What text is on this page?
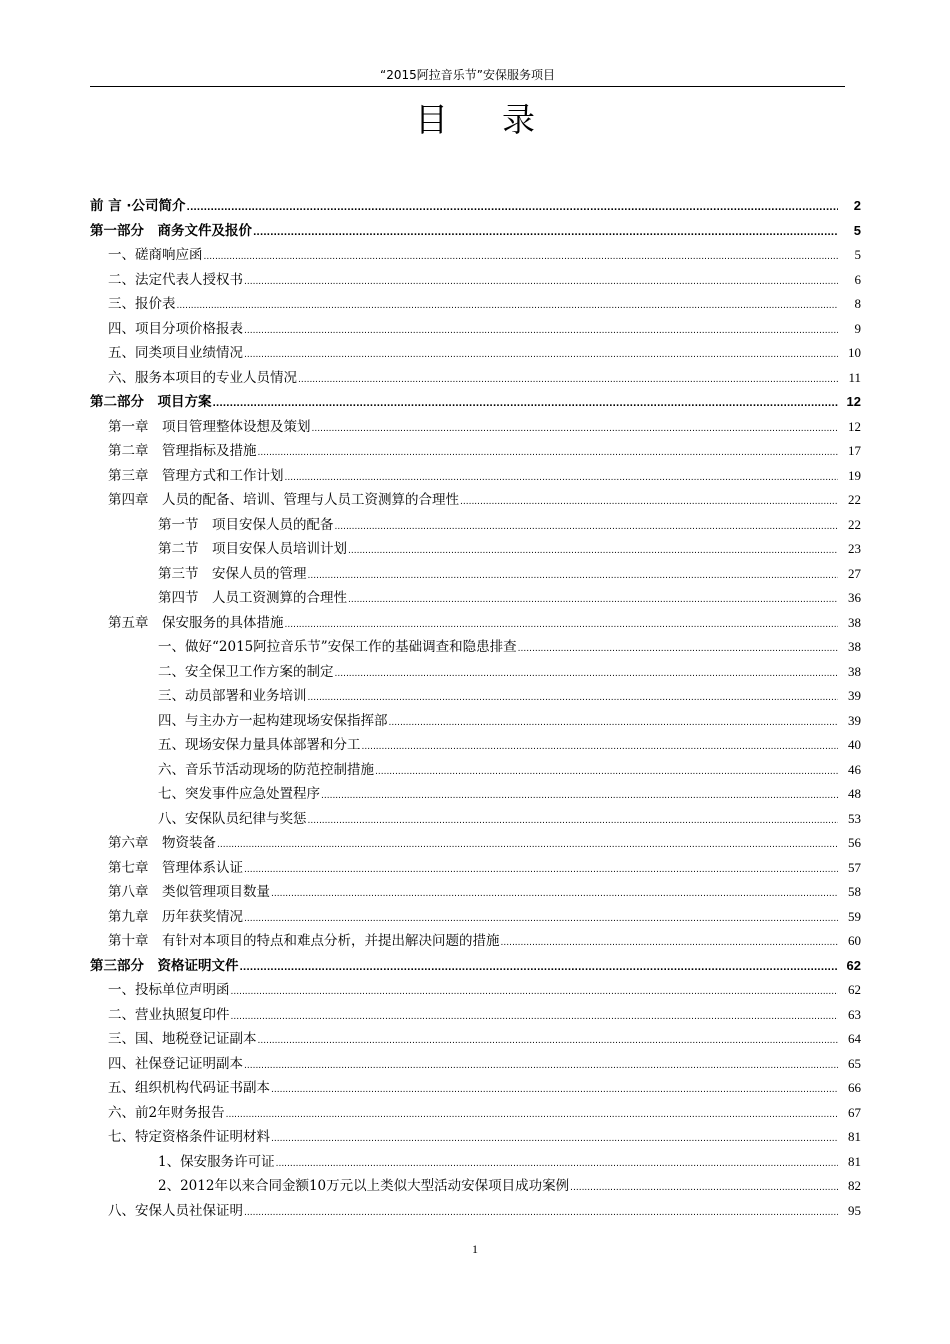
“2015阿拉音乐节”安保服务项目
目录
前 言 ·公司简介 .....	2
第一部分　商务文件及报价 .....	5
一、磋商响应函 .....	5
二、法定代表人授权书 .....	6
三、报价表 .....	8
四、项目分项价格报表 .....	9
五、同类项目业绩情况 .....	10
六、服务本项目的专业人员情况 .....	11
第二部分　项目方案 .....	12
第一章　项目管理整体设想及策划 .....	12
第二章　管理指标及措施 .....	17
第三章　管理方式和工作计划 .....	19
第四章　人员的配备、培训、管理与人员工资测算的合理性 .....	22
第一节　项目安保人员的配备 .....	22
第二节　项目安保人员培训计划 .....	23
第三节　安保人员的管理 .....	27
第四节　人员工资测算的合理性 .....	36
第五章　保安服务的具体措施 .....	38
一、做好“2015阿拉音乐节”安保工作的基础调查和隐患排查 .....	38
二、安全保卫工作方案的制定 .....	38
三、动员部署和业务培训 .....	39
四、与主办方一起构建现场安保指挥部 .....	39
五、现场安保力量具体部署和分工 .....	40
六、音乐节活动现场的防范控制措施 .....	46
七、突发事件应急处置程序 .....	48
八、安保队员纪律与奖惩 .....	53
第六章　物资装备 .....	56
第七章　管理体系认证 .....	57
第八章　类似管理项目数量 .....	58
第九章　历年获奖情况 .....	59
第十章　有针对本项目的特点和难点分析，并提出解决问题的措施 .....	60
第三部分　资格证明文件 .....	62
一、投标单位声明函 .....	62
二、营业执照复印件 .....	63
三、国、地税登记证副本 .....	64
四、社保登记证明副本 .....	65
五、组织机构代码证书副本 .....	66
六、前2年财务报告 .....	67
七、特定资格条件证明材料 .....	81
1、保安服务许可证 .....	81
2、2012年以来合同金额10万元以上类似大型活动安保项目成功案例 .....	82
八、安保人员社保证明 .....	95
1
